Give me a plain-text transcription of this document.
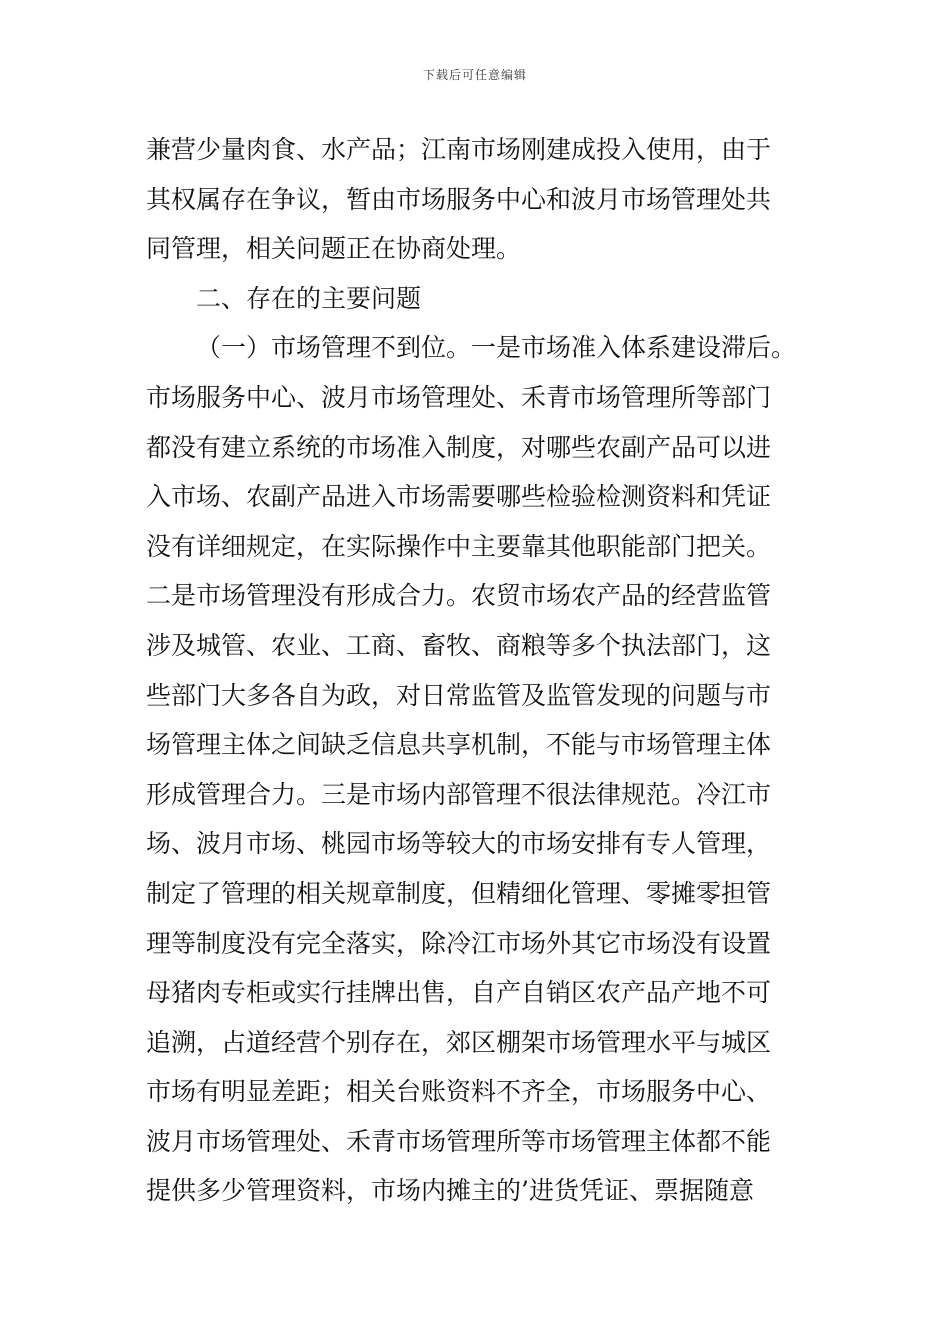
下载后可任意编辑
兼营少量肉食、水产品；江南市场刚建成投入使用，由于
其权属存在争议，暂由市场服务中心和波月市场管理处共
同管理，相关问题正在协商处理。
二、存在的主要问题
（一）市场管理不到位。一是市场准入体系建设滞后。
市场服务中心、波月市场管理处、禾青市场管理所等部门
都没有建立系统的市场准入制度，对哪些农副产品可以进
入市场、农副产品进入市场需要哪些检验检测资料和凭证
没有详细规定，在实际操作中主要靠其他职能部门把关。
二是市场管理没有形成合力。农贸市场农产品的经营监管
涉及城管、农业、工商、畜牧、商粮等多个执法部门，这
些部门大多各自为政，对日常监管及监管发现的问题与市
场管理主体之间缺乏信息共享机制，不能与市场管理主体
形成管理合力。三是市场内部管理不很法律规范。冷江市
场、波月市场、桃园市场等较大的市场安排有专人管理，
制定了管理的相关规章制度，但精细化管理、零摊零担管
理等制度没有完全落实，除冷江市场外其它市场没有设置
母猪肉专柜或实行挂牌出售，自产自销区农产品产地不可
追溯，占道经营个别存在，郊区棚架市场管理水平与城区
市场有明显差距；相关台账资料不齐全，市场服务中心、
波月市场管理处、禾青市场管理所等市场管理主体都不能
提供多少管理资料，市场内摊主的’进货凭证、票据随意
